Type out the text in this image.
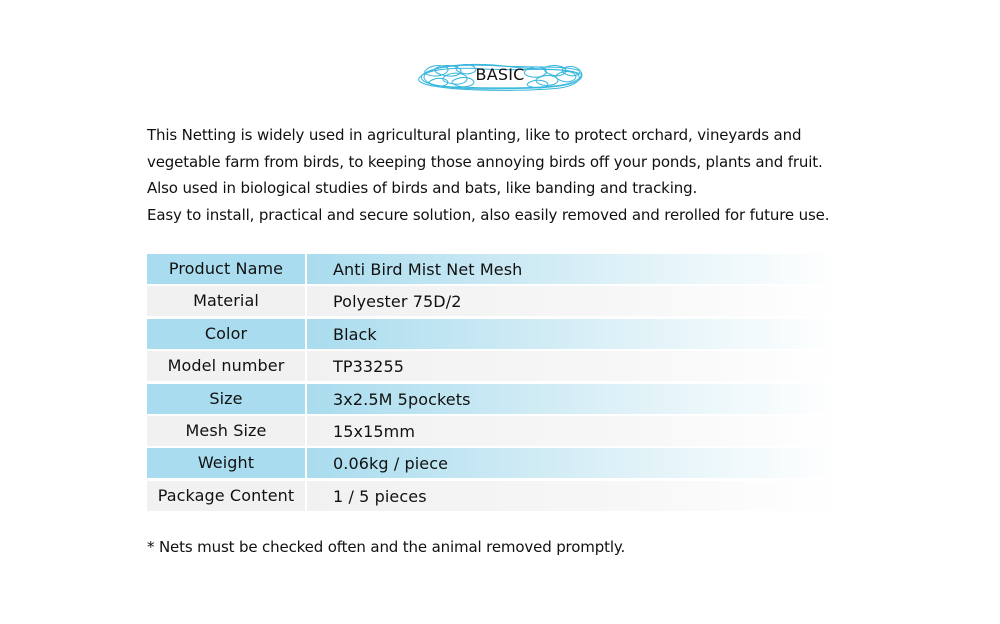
BASIC
This Netting is widely used in agricultural planting, like to protect orchard, vineyards and
vegetable farm from birds, to keeping those annoying birds off your ponds, plants and fruit.
Also used in biological studies of birds and bats, like banding and tracking.
Easy to install, practical and secure solution, also easily removed and rerolled for future use.
Product Name	Anti Bird Mist Net Mesh
Material	Polyester 75D/2
Color	Black
Model number	TP33255
Size	3x2.5M 5pockets
Mesh Size	15x15mm
Weight	0.06kg / piece
Package Content	1 / 5 pieces
* Nets must be checked often and the animal removed promptly.
